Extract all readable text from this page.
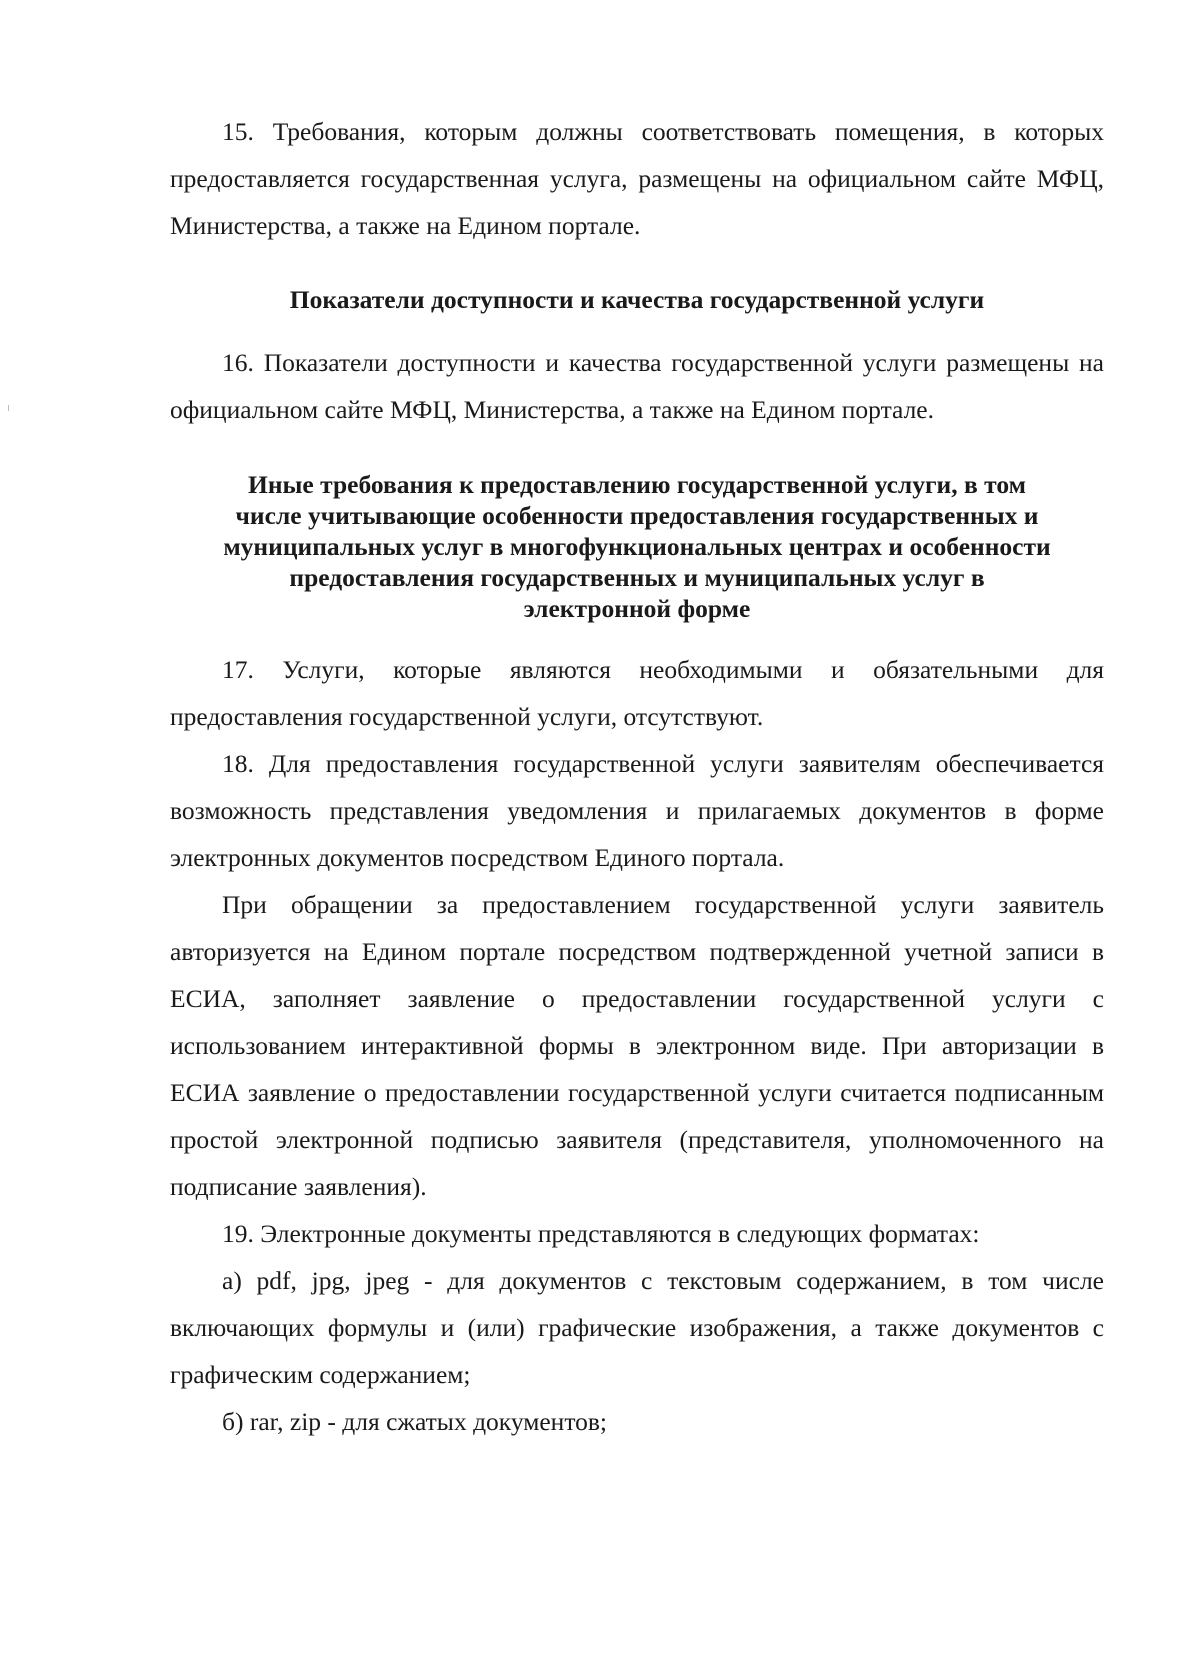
15. Требования, которым должны соответствовать помещения, в которых предоставляется государственная услуга, размещены на официальном сайте МФЦ, Министерства, а также на Едином портале.

Показатели доступности и качества государственной услуги

16. Показатели доступности и качества государственной услуги размещены на официальном сайте МФЦ, Министерства, а также на Едином портале.

Иные требования к предоставлению государственной услуги, в том
числе учитывающие особенности предоставления государственных и
муниципальных услуг в многофункциональных центрах и особенности
предоставления государственных и муниципальных услуг в
электронной форме

17. Услуги, которые являются необходимыми и обязательными для предоставления государственной услуги, отсутствуют.

18. Для предоставления государственной услуги заявителям обеспечивается возможность представления уведомления и прилагаемых документов в форме электронных документов посредством Единого портала.

При обращении за предоставлением государственной услуги заявитель авторизуется на Едином портале посредством подтвержденной учетной записи в ЕСИА, заполняет заявление о предоставлении государственной услуги с использованием интерактивной формы в электронном виде. При авторизации в ЕСИА заявление о предоставлении государственной услуги считается подписанным простой электронной подписью заявителя (представителя, уполномоченного на подписание заявления).

19. Электронные документы представляются в следующих форматах:

а) pdf, jpg, jpeg - для документов с текстовым содержанием, в том числе включающих формулы и (или) графические изображения, а также документов с графическим содержанием;

б) rar, zip - для сжатых документов;
